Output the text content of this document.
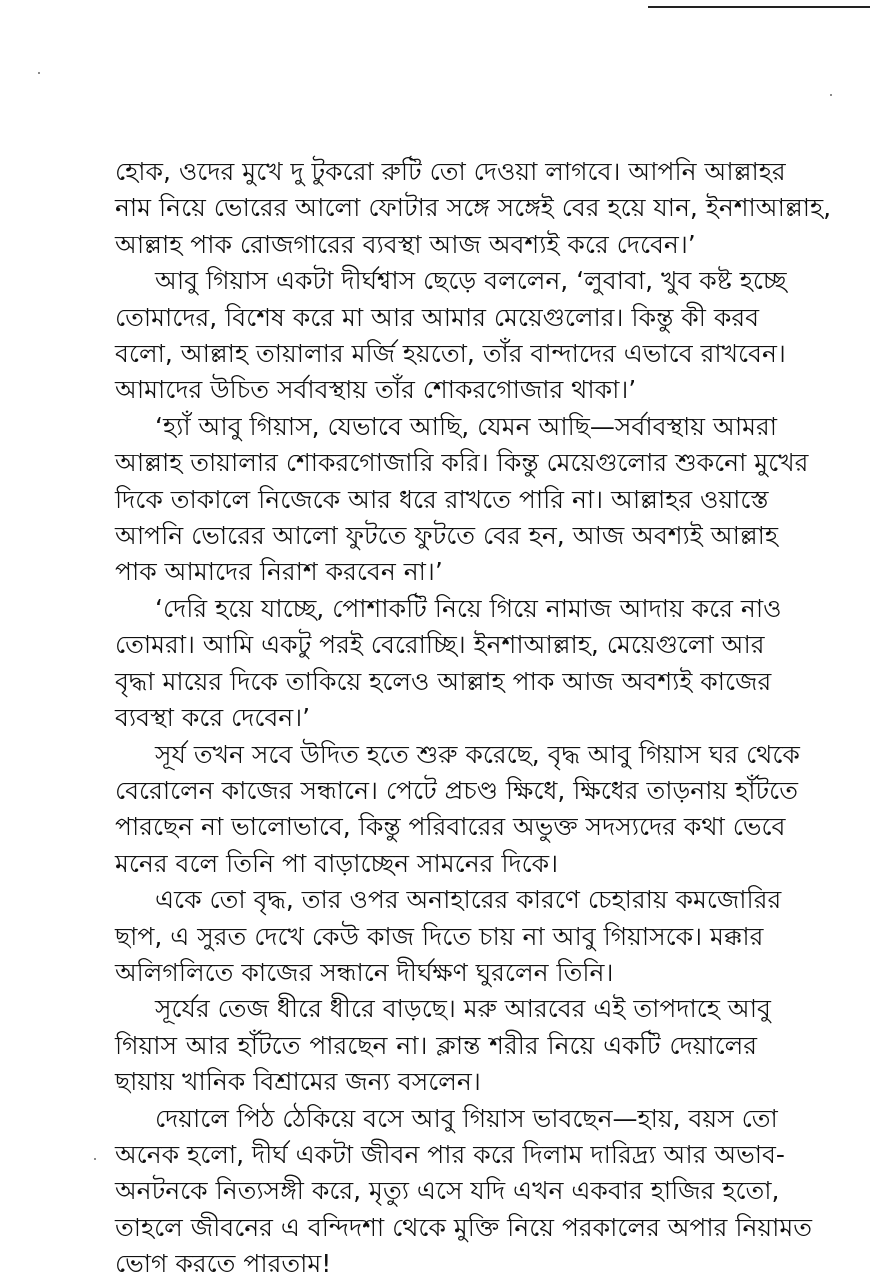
হোক, ওদের মুখে দু টুকরো রুটি তো দেওয়া লাগবে। আপনি আল্লাহর
নাম নিয়ে ভোরের আলো ফোটার সঙ্গে সঙ্গেই বের হয়ে যান, ইনশাআল্লাহ,
আল্লাহ পাক রোজগারের ব্যবস্থা আজ অবশ্যই করে দেবেন।’
আবু গিয়াস একটা দীর্ঘশ্বাস ছেড়ে বললেন, ‘লুবাবা, খুব কষ্ট হচ্ছে
তোমাদের, বিশেষ করে মা আর আমার মেয়েগুলোর। কিন্তু কী করব
বলো, আল্লাহ তায়ালার মর্জি হয়তো, তাঁর বান্দাদের এভাবে রাখবেন।
আমাদের উচিত সর্বাবস্থায় তাঁর শোকরগোজার থাকা।’
‘হ্যাঁ আবু গিয়াস, যেভাবে আছি, যেমন আছি—সর্বাবস্থায় আমরা
আল্লাহ তায়ালার শোকরগোজারি করি। কিন্তু মেয়েগুলোর শুকনো মুখের
দিকে তাকালে নিজেকে আর ধরে রাখতে পারি না। আল্লাহর ওয়াস্তে
আপনি ভোরের আলো ফুটতে ফুটতে বের হন, আজ অবশ্যই আল্লাহ
পাক আমাদের নিরাশ করবেন না।’
‘দেরি হয়ে যাচ্ছে, পোশাকটি নিয়ে গিয়ে নামাজ আদায় করে নাও
তোমরা। আমি একটু পরই বেরোচ্ছি। ইনশাআল্লাহ, মেয়েগুলো আর
বৃদ্ধা মায়ের দিকে তাকিয়ে হলেও আল্লাহ পাক আজ অবশ্যই কাজের
ব্যবস্থা করে দেবেন।’
সূর্য তখন সবে উদিত হতে শুরু করেছে, বৃদ্ধ আবু গিয়াস ঘর থেকে
বেরোলেন কাজের সন্ধানে। পেটে প্রচণ্ড ক্ষিধে, ক্ষিধের তাড়নায় হাঁটতে
পারছেন না ভালোভাবে, কিন্তু পরিবারের অভুক্ত সদস্যদের কথা ভেবে
মনের বলে তিনি পা বাড়াচ্ছেন সামনের দিকে।
একে তো বৃদ্ধ, তার ওপর অনাহারের কারণে চেহারায় কমজোরির
ছাপ, এ সুরত দেখে কেউ কাজ দিতে চায় না আবু গিয়াসকে। মক্কার
অলিগলিতে কাজের সন্ধানে দীর্ঘক্ষণ ঘুরলেন তিনি।
সূর্যের তেজ ধীরে ধীরে বাড়ছে। মরু আরবের এই তাপদাহে আবু
গিয়াস আর হাঁটতে পারছেন না। ক্লান্ত শরীর নিয়ে একটি দেয়ালের
ছায়ায় খানিক বিশ্রামের জন্য বসলেন।
দেয়ালে পিঠ ঠেকিয়ে বসে আবু গিয়াস ভাবছেন—হায়, বয়স তো
অনেক হলো, দীর্ঘ একটা জীবন পার করে দিলাম দারিদ্র্য আর অভাব-
অনটনকে নিত্যসঙ্গী করে, মৃত্যু এসে যদি এখন একবার হাজির হতো,
তাহলে জীবনের এ বন্দিদশা থেকে মুক্তি নিয়ে পরকালের অপার নিয়ামত
ভোগ করতে পারতাম!
